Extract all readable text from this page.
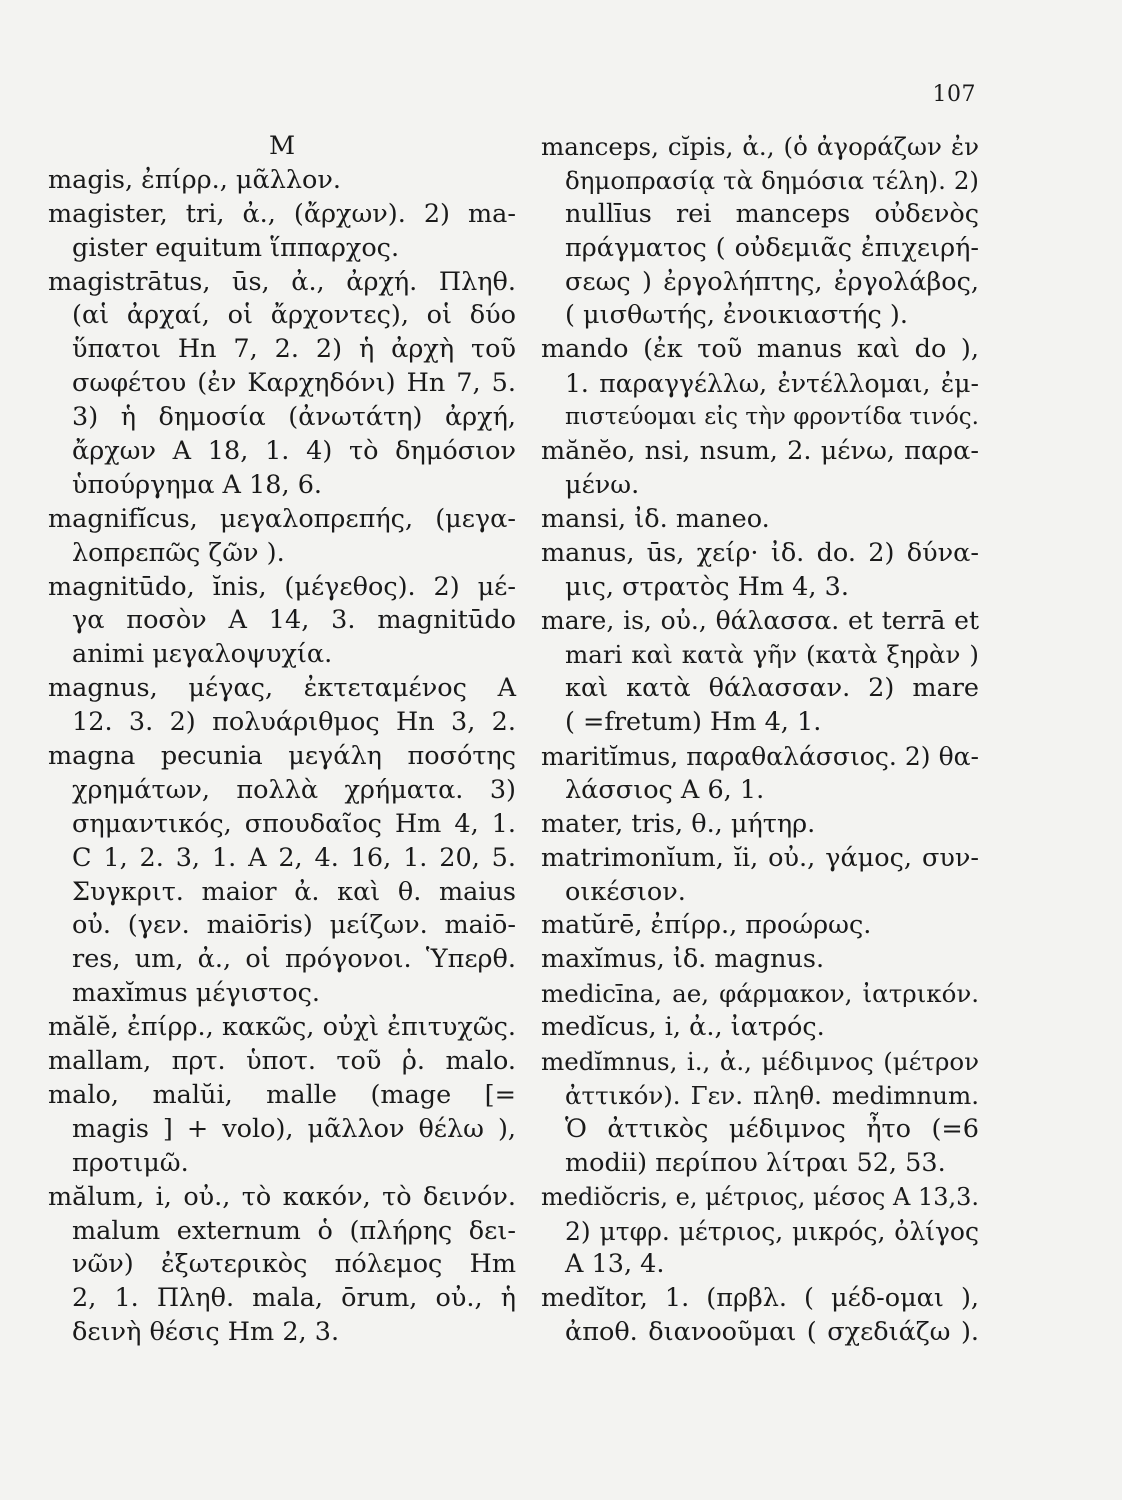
107
M
magis, ἐπίρρ., μᾶλλον.
magister, tri, ἀ., (ἄρχων). 2) ma-
gister equitum ἵππαρχος.
magistrātus, ūs, ἀ., ἀρχή. Πληθ.
(αἱ ἀρχαί, οἱ ἄρχοντες), οἱ δύο
ὕπατοι Hn 7, 2. 2) ἡ ἀρχὴ τοῦ
σωφέτου (ἐν Καρχηδόνι) Hn 7, 5.
3) ἡ δημοσία (ἀνωτάτη) ἀρχή,
ἄρχων A 18, 1. 4) τὸ δημόσιον
ὑπούργημα A 18, 6.
magnifĭcus, μεγαλοπρεπής, (μεγα-
λοπρεπῶς ζῶν ).
magnitūdo, ĭnis, (μέγεθος). 2) μέ-
γα ποσὸν A 14, 3. magnitūdo
animi μεγαλοψυχία.
magnus, μέγας, ἐκτεταμένος A
12. 3. 2) πολυάριθμος Hn 3, 2.
magna pecunia μεγάλη ποσότης
χρημάτων, πολλὰ χρήματα. 3)
σημαντικός, σπουδαῖος Hm 4, 1.
C 1, 2. 3, 1. A 2, 4. 16, 1. 20, 5.
Συγκριτ. maior ἀ. καὶ θ. maius
οὐ. (γεν. maiōris) μείζων. maiō-
res, um, ἀ., οἱ πρόγονοι. Ὑπερθ.
maxĭmus μέγιστος.
mălĕ, ἐπίρρ., κακῶς, οὐχὶ ἐπιτυχῶς.
mallam, πρτ. ὑποτ. τοῦ ῥ. malo.
malo, malŭi, malle (mage [=
magis ] + volo), μᾶλλον θέλω ),
προτιμῶ.
mălum, i, οὐ., τὸ κακόν, τὸ δεινόν.
malum externum ὁ (πλήρης δει-
νῶν) ἐξωτερικὸς πόλεμος Hm
2, 1. Πληθ. mala, ōrum, οὐ., ἡ
δεινὴ θέσις Hm 2, 3.
manceps, cĭpis, ἀ., (ὁ ἀγοράζων ἐν
δημοπρασίᾳ τὰ δημόσια τέλη). 2)
nullīus rei manceps οὐδενὸς
πράγματος ( οὐδεμιᾶς ἐπιχειρή-
σεως ) ἐργολήπτης, ἐργολάβος,
( μισθωτής, ἐνοικιαστής ).
mando (ἐκ τοῦ manus καὶ do ),
1. παραγγέλλω, ἐντέλλομαι, ἐμ-
πιστεύομαι εἰς τὴν φροντίδα τινός.
mănĕo, nsi, nsum, 2. μένω, παρα-
μένω.
mansi, ἰδ. maneo.
manus, ūs, χείρ· ἰδ. do. 2) δύνα-
μις, στρατὸς Hm 4, 3.
mare, is, οὐ., θάλασσα. et terrā et
mari καὶ κατὰ γῆν (κατὰ ξηρὰν )
καὶ κατὰ θάλασσαν. 2) mare
( =fretum) Hm 4, 1.
maritĭmus, παραθαλάσσιος. 2) θα-
λάσσιος A 6, 1.
mater, tris, θ., μήτηρ.
matrimonĭum, ĭi, οὐ., γάμος, συν-
οικέσιον.
matŭrē, ἐπίρρ., προώρως.
maxĭmus, ἰδ. magnus.
medicīna, ae, φάρμακον, ἰατρικόν.
medĭcus, i, ἀ., ἰατρός.
medĭmnus, i., ἀ., μέδιμνος (μέτρον
ἀττικόν). Γεν. πληθ. medimnum.
Ὁ ἀττικὸς μέδιμνος ἦτο (=6
modii) περίπου λίτραι 52, 53.
mediŏcris, e, μέτριος, μέσος A 13,3.
2) μτφρ. μέτριος, μικρός, ὀλίγος
A 13, 4.
medĭtor, 1. (πρβλ. ( μέδ-ομαι ),
ἀποθ. διανοοῦμαι ( σχεδιάζω ).
